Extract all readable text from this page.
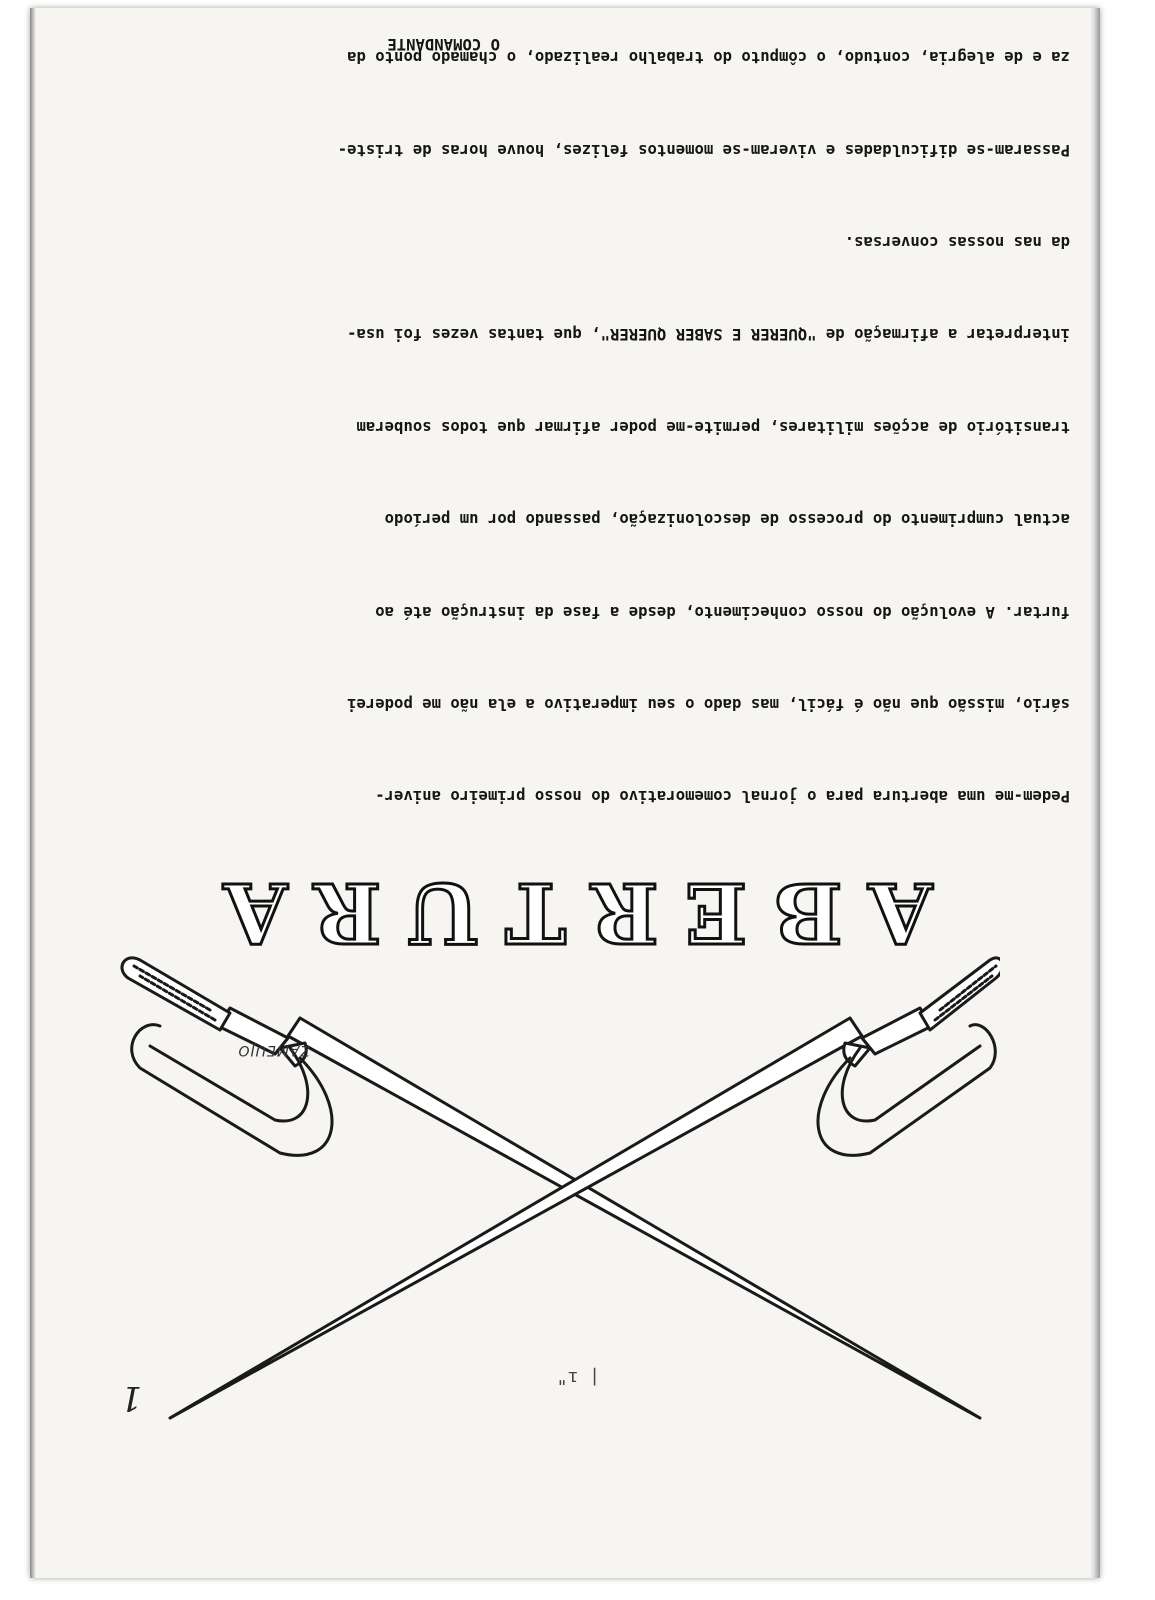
1
| ı"
ZAMEUJO
ABERTURA

Pedem-me uma abertura para o jornal comemorativo do nosso primeiro aniver-

sário, missão que não é fácil, mas dado o seu imperativo a ela não me poderei

furtar. A evolução do nosso conhecimento, desde a fase da instrução até ao

actual cumprimento do processo de descolonização, passando por um período

transitório de acções militares, permite-me poder afirmar que todos souberam

interpretar a afirmação de "QUERER E SABER QUERER", que tantas vezes foi usa-

da nas nossas conversas.

Passaram-se dificuldades e viveram-se momentos felizes, houve horas de triste-

za e de alegria, contudo, o cômputo do trabalho realizado, o chamado ponto da

O COMANDANTE
